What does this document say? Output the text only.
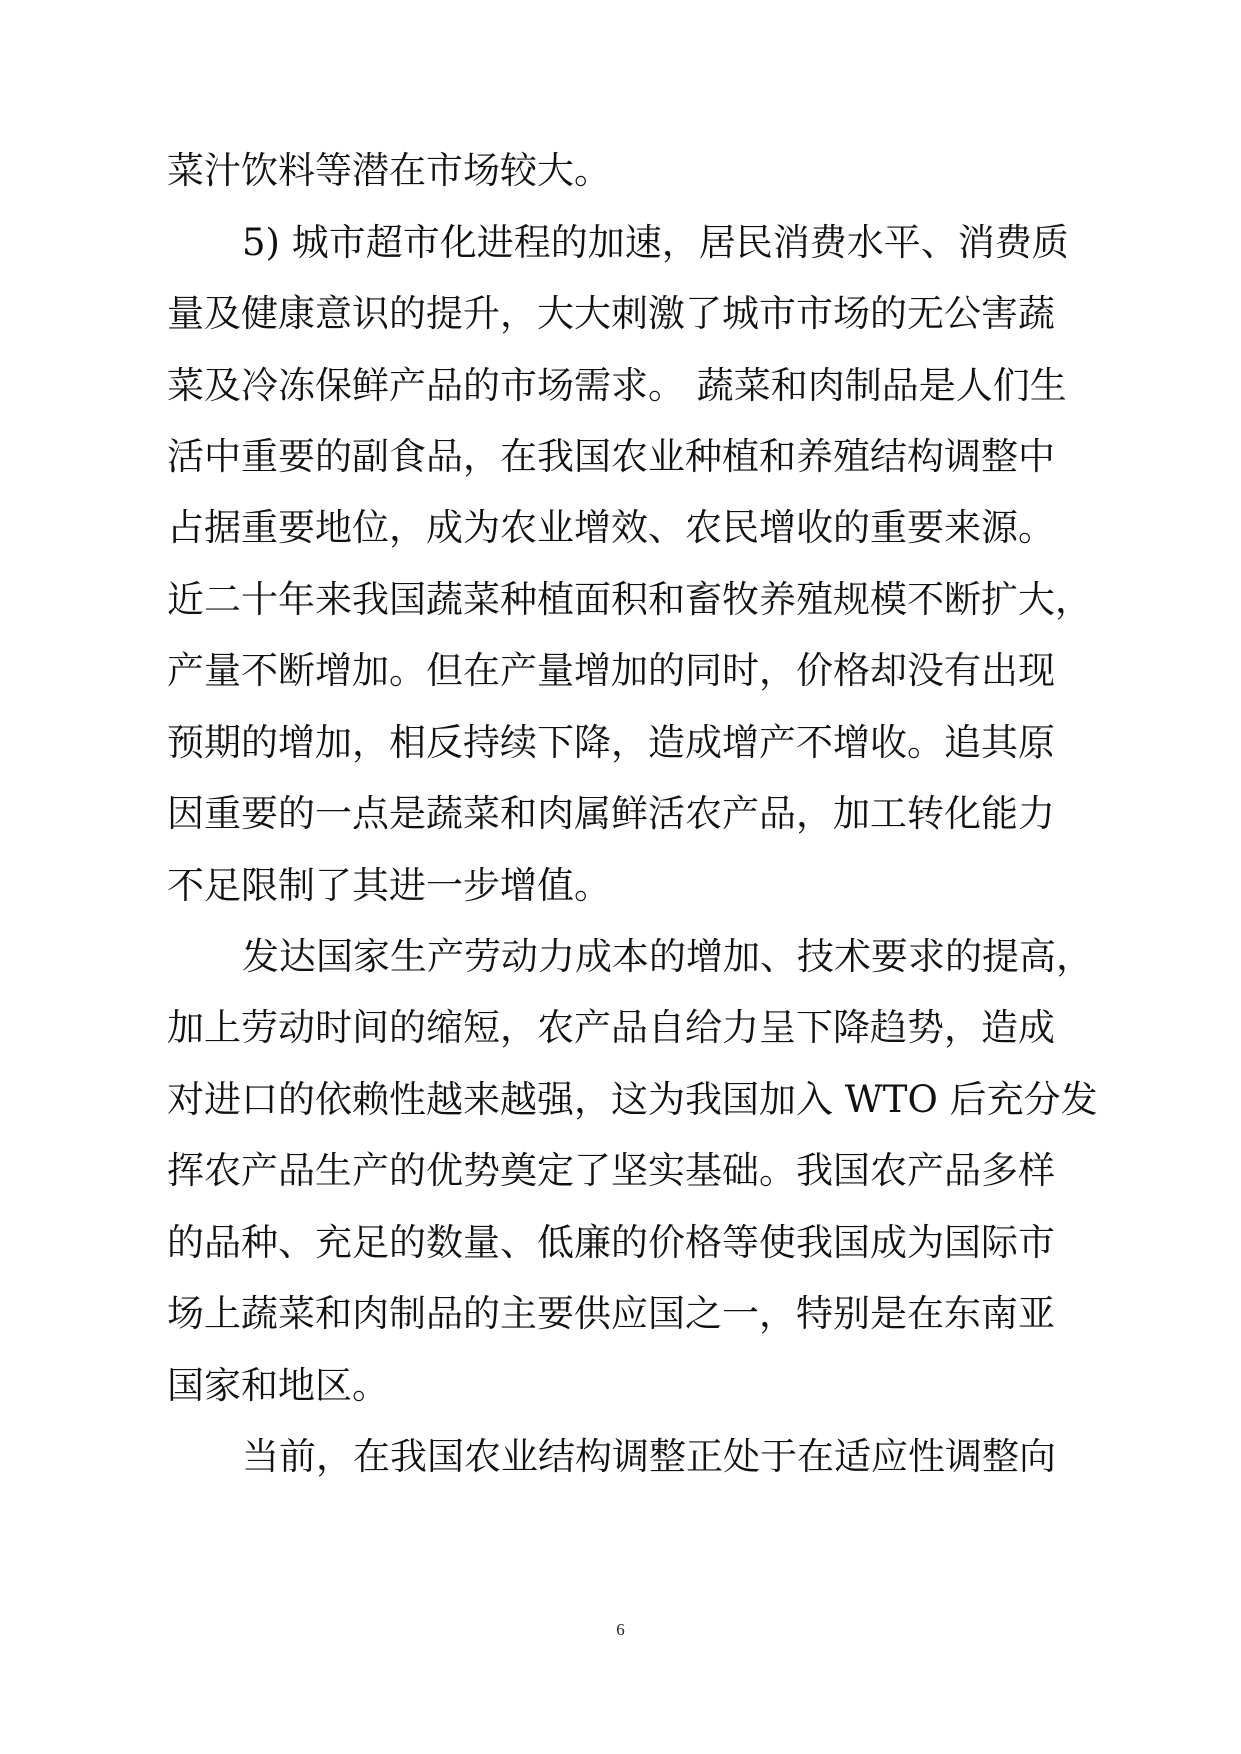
菜汁饮料等潜在市场较大。

5) 城市超市化进程的加速，居民消费水平、消费质

量及健康意识的提升，大大刺激了城市市场的无公害蔬

菜及冷冻保鲜产品的市场需求。 蔬菜和肉制品是人们生

活中重要的副食品，在我国农业种植和养殖结构调整中

占据重要地位，成为农业增效、农民增收的重要来源。

近二十年来我国蔬菜种植面积和畜牧养殖规模不断扩大，

产量不断增加。但在产量增加的同时，价格却没有出现

预期的增加，相反持续下降，造成增产不增收。追其原

因重要的一点是蔬菜和肉属鲜活农产品，加工转化能力

不足限制了其进一步增值。

发达国家生产劳动力成本的增加、技术要求的提高，

加上劳动时间的缩短，农产品自给力呈下降趋势，造成

对进口的依赖性越来越强，这为我国加入 WTO 后充分发

挥农产品生产的优势奠定了坚实基础。我国农产品多样

的品种、充足的数量、低廉的价格等使我国成为国际市

场上蔬菜和肉制品的主要供应国之一，特别是在东南亚

国家和地区。

当前，在我国农业结构调整正处于在适应性调整向

6
